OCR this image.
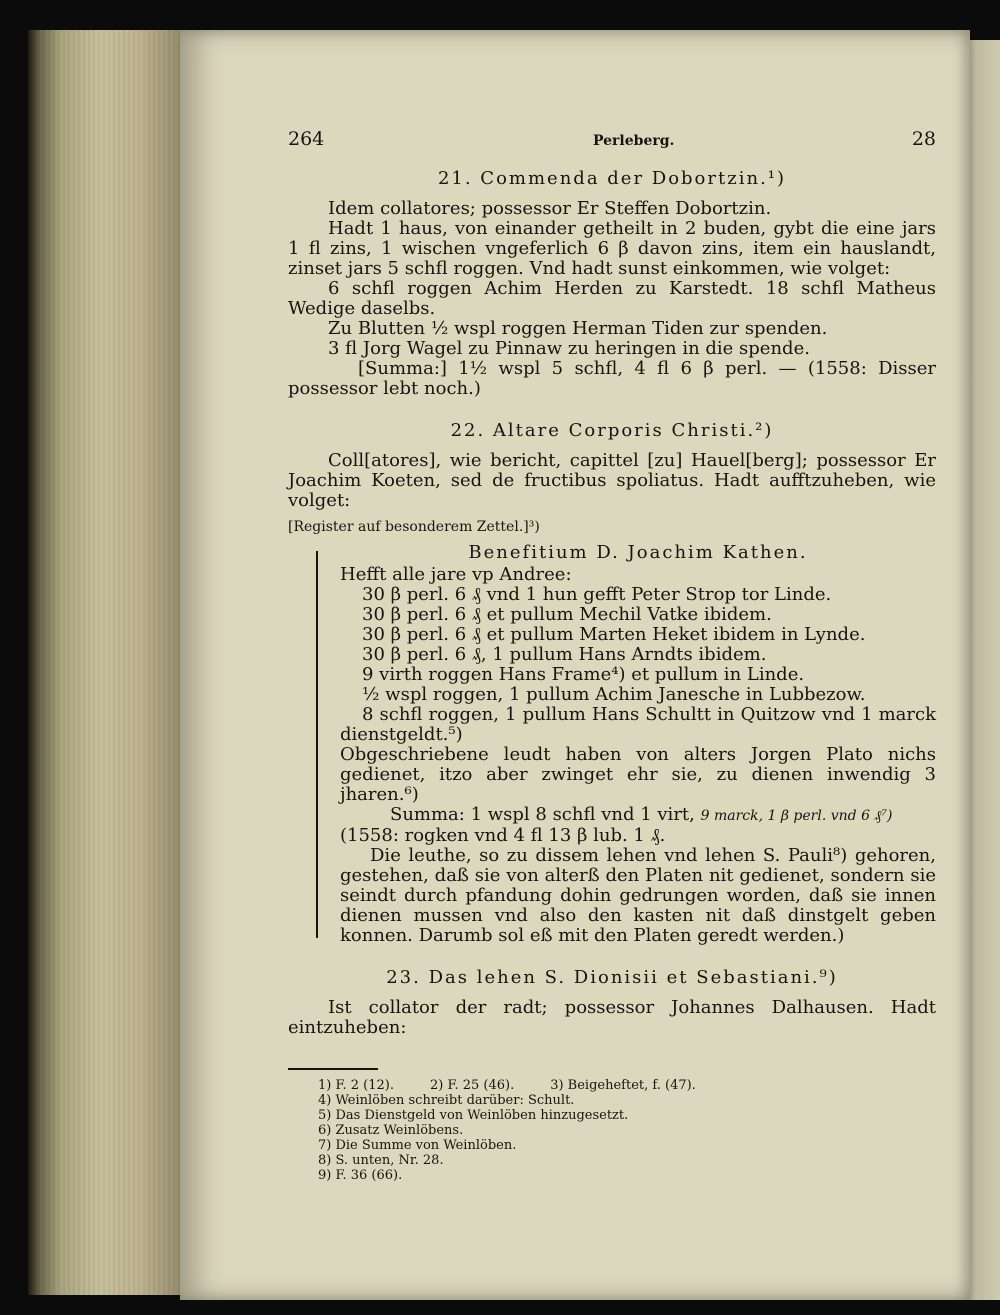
264	Perleberg.	28
21. Commenda der Dobortzin.¹)

Idem collatores; possessor Er Steffen Dobortzin.

Hadt 1 haus, von einander getheilt in 2 buden, gybt die eine jars 1 fl zins, 1 wischen vngeferlich 6 β davon zins, item ein hauslandt, zinset jars 5 schfl roggen. Vnd hadt sunst einkommen, wie volget:

6 schfl roggen Achim Herden zu Karstedt. 18 schfl Matheus Wedige daselbs.

Zu Blutten ½ wspl roggen Herman Tiden zur spenden.

3 fl Jorg Wagel zu Pinnaw zu heringen in die spende.

[Summa:] 1½ wspl 5 schfl, 4 fl 6 β perl. — (1558: Disser possessor lebt noch.)

22. Altare Corporis Christi.²)

Coll[atores], wie bericht, capittel [zu] Hauel[berg]; possessor Er Joachim Koeten, sed de fructibus spoliatus. Hadt aufftzuheben, wie volget:

[Register auf besonderem Zettel.]³)

Benefitium D. Joachim Kathen.

Hefft alle jare vp Andree:

30 β perl. 6 ₰ vnd 1 hun gefft Peter Strop tor Linde.

30 β perl. 6 ₰ et pullum Mechil Vatke ibidem.

30 β perl. 6 ₰ et pullum Marten Heket ibidem in Lynde.

30 β perl. 6 ₰, 1 pullum Hans Arndts ibidem.

9 virth roggen Hans Frame⁴) et pullum in Linde.

½ wspl roggen, 1 pullum Achim Janesche in Lubbezow.

8 schfl roggen, 1 pullum Hans Schultt in Quitzow vnd 1 marck dienstgeldt.⁵)

Obgeschriebene leudt haben von alters Jorgen Plato nichs gedienet, itzo aber zwinget ehr sie, zu dienen inwendig 3 jharen.⁶)

Summa: 1 wspl 8 schfl vnd 1 virt, 9 marck, 1 β perl. vnd 6 ₰⁷)

(1558: rogken vnd 4 fl 13 β lub. 1 ₰.

Die leuthe, so zu dissem lehen vnd lehen S. Pauli⁸) gehoren, gestehen, daß sie von alterß den Platen nit gedienet, sondern sie seindt durch pfandung dohin gedrungen worden, daß sie innen dienen mussen vnd also den kasten nit daß dinstgelt geben konnen. Darumb sol eß mit den Platen geredt werden.)

23. Das lehen S. Dionisii et Sebastiani.⁹)

Ist collator der radt; possessor Johannes Dalhausen. Hadt eintzuheben:

1) F. 2 (12).	2) F. 25 (46).	3) Beigeheftet, f. (47).
4) Weinlöben schreibt darüber: Schult.
5) Das Dienstgeld von Weinlöben hinzugesetzt.
6) Zusatz Weinlöbens.
7) Die Summe von Weinlöben.
8) S. unten, Nr. 28.
9) F. 36 (66).
